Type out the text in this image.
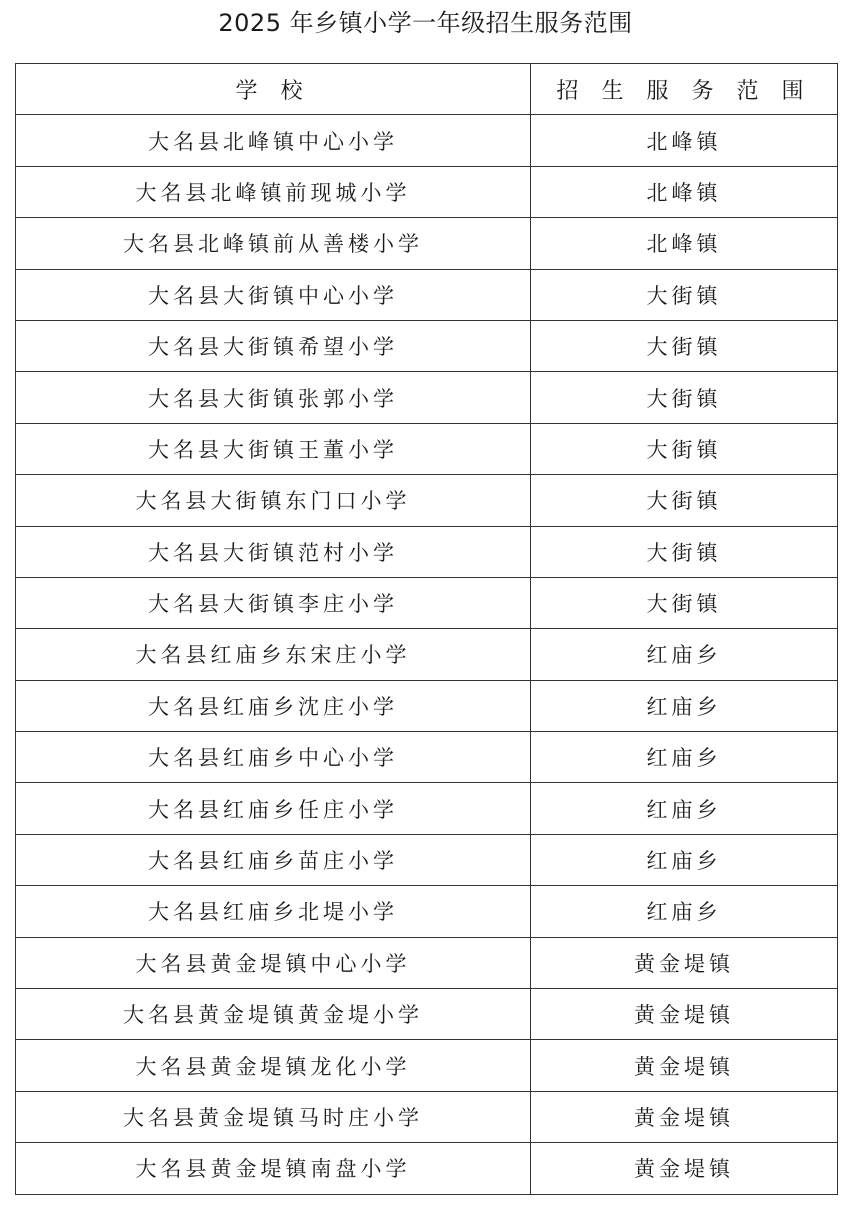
2025 年乡镇小学一年级招生服务范围
学 校	招 生 服 务 范 围
大名县北峰镇中心小学	北峰镇
大名县北峰镇前现城小学	北峰镇
大名县北峰镇前从善楼小学	北峰镇
大名县大街镇中心小学	大街镇
大名县大街镇希望小学	大街镇
大名县大街镇张郭小学	大街镇
大名县大街镇王董小学	大街镇
大名县大街镇东门口小学	大街镇
大名县大街镇范村小学	大街镇
大名县大街镇李庄小学	大街镇
大名县红庙乡东宋庄小学	红庙乡
大名县红庙乡沈庄小学	红庙乡
大名县红庙乡中心小学	红庙乡
大名县红庙乡任庄小学	红庙乡
大名县红庙乡苗庄小学	红庙乡
大名县红庙乡北堤小学	红庙乡
大名县黄金堤镇中心小学	黄金堤镇
大名县黄金堤镇黄金堤小学	黄金堤镇
大名县黄金堤镇龙化小学	黄金堤镇
大名县黄金堤镇马时庄小学	黄金堤镇
大名县黄金堤镇南盘小学	黄金堤镇
